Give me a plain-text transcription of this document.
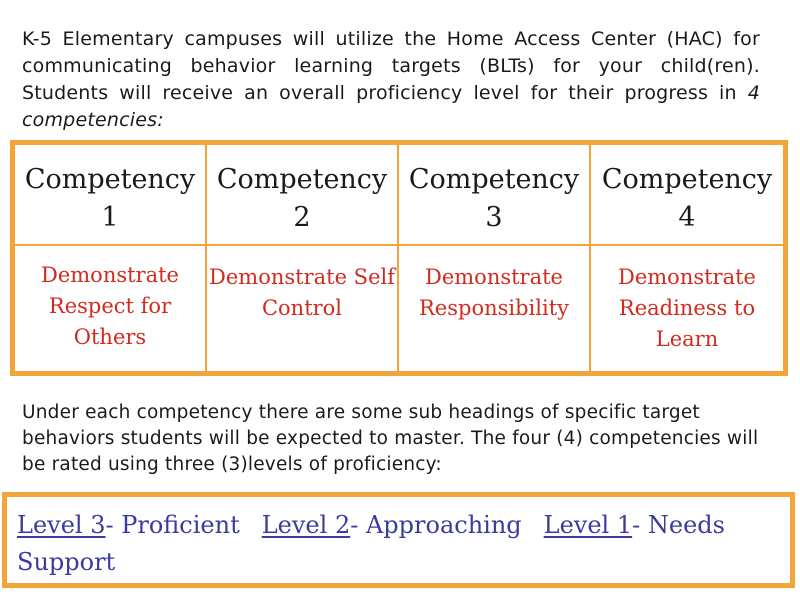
K-5 Elementary campuses will utilize the Home Access Center (HAC) for communicating behavior learning targets (BLTs) for your child(ren). Students will receive an overall proficiency level for their progress in 4 competencies:
Competency
1
Competency
2
Competency
3
Competency
4
Demonstrate Respect for Others
Demonstrate Self Control
Demonstrate Responsibility
Demonstrate Readiness to Learn
Under each competency there are some sub headings of specific target behaviors students will be expected to master. The four (4) competencies will be rated using three (3)levels of proficiency:
Level 3- Proficient Level 2- Approaching Level 1- Needs Support
